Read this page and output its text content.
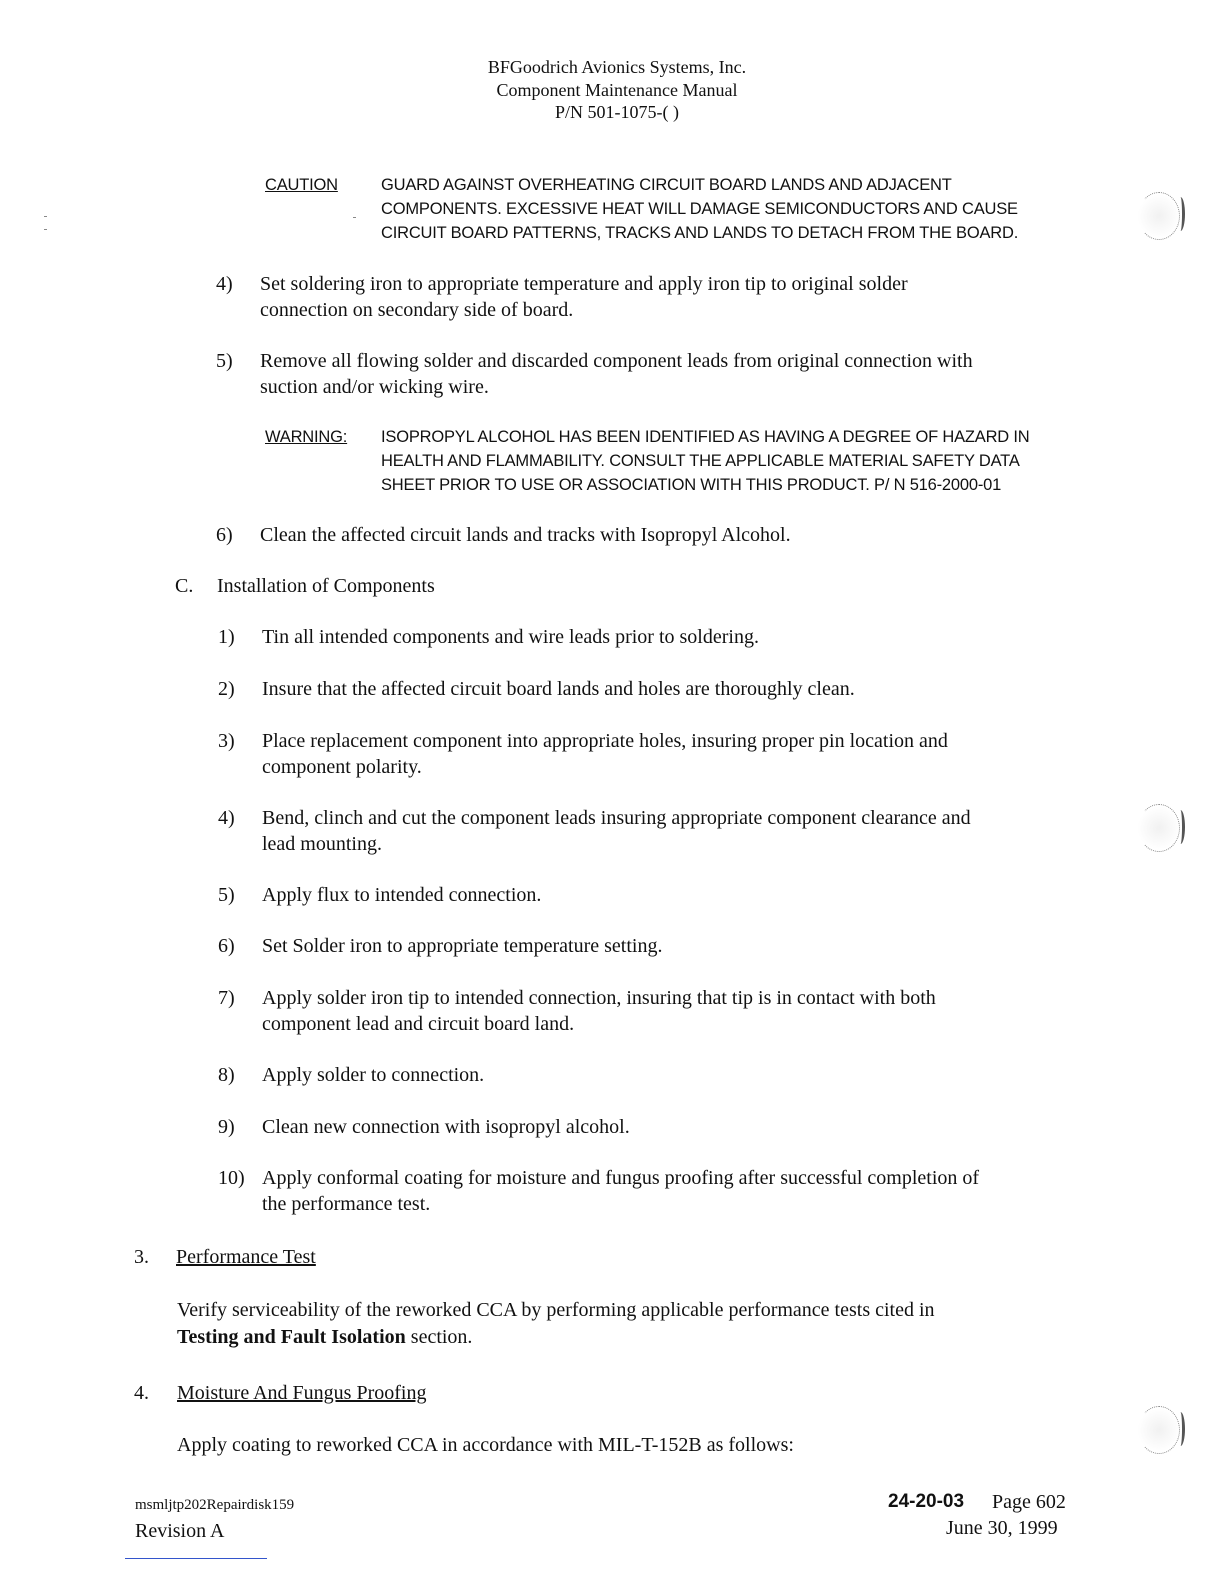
BFGoodrich Avionics Systems, Inc.
Component Maintenance Manual
P/N 501-1075-( )
CAUTION	GUARD AGAINST OVERHEATING CIRCUIT BOARD LANDS AND ADJACENT
COMPONENTS. EXCESSIVE HEAT WILL DAMAGE SEMICONDUCTORS AND CAUSE
CIRCUIT BOARD PATTERNS, TRACKS AND LANDS TO DETACH FROM THE BOARD.
4) Set soldering iron to appropriate temperature and apply iron tip to original solder
connection on secondary side of board.
5) Remove all flowing solder and discarded component leads from original connection with
suction and/or wicking wire.
WARNING: ISOPROPYL ALCOHOL HAS BEEN IDENTIFIED AS HAVING A DEGREE OF HAZARD IN
HEALTH AND FLAMMABILITY. CONSULT THE APPLICABLE MATERIAL SAFETY DATA
SHEET PRIOR TO USE OR ASSOCIATION WITH THIS PRODUCT. P/ N 516-2000-01
6) Clean the affected circuit lands and tracks with Isopropyl Alcohol.
C. Installation of Components
1) Tin all intended components and wire leads prior to soldering.
2) Insure that the affected circuit board lands and holes are thoroughly clean.
3) Place replacement component into appropriate holes, insuring proper pin location and
component polarity.
4) Bend, clinch and cut the component leads insuring appropriate component clearance and
lead mounting.
5) Apply flux to intended connection.
6) Set Solder iron to appropriate temperature setting.
7) Apply solder iron tip to intended connection, insuring that tip is in contact with both
component lead and circuit board land.
8) Apply solder to connection.
9) Clean new connection with isopropyl alcohol.
10) Apply conformal coating for moisture and fungus proofing after successful completion of
the performance test.
3. Performance Test
Verify serviceability of the reworked CCA by performing applicable performance tests cited in
Testing and Fault Isolation section.
4. Moisture And Fungus Proofing
Apply coating to reworked CCA in accordance with MIL-T-152B as follows:
msmljtp202Repairdisk159
Revision A
24-20-03 Page 602
June 30, 1999
